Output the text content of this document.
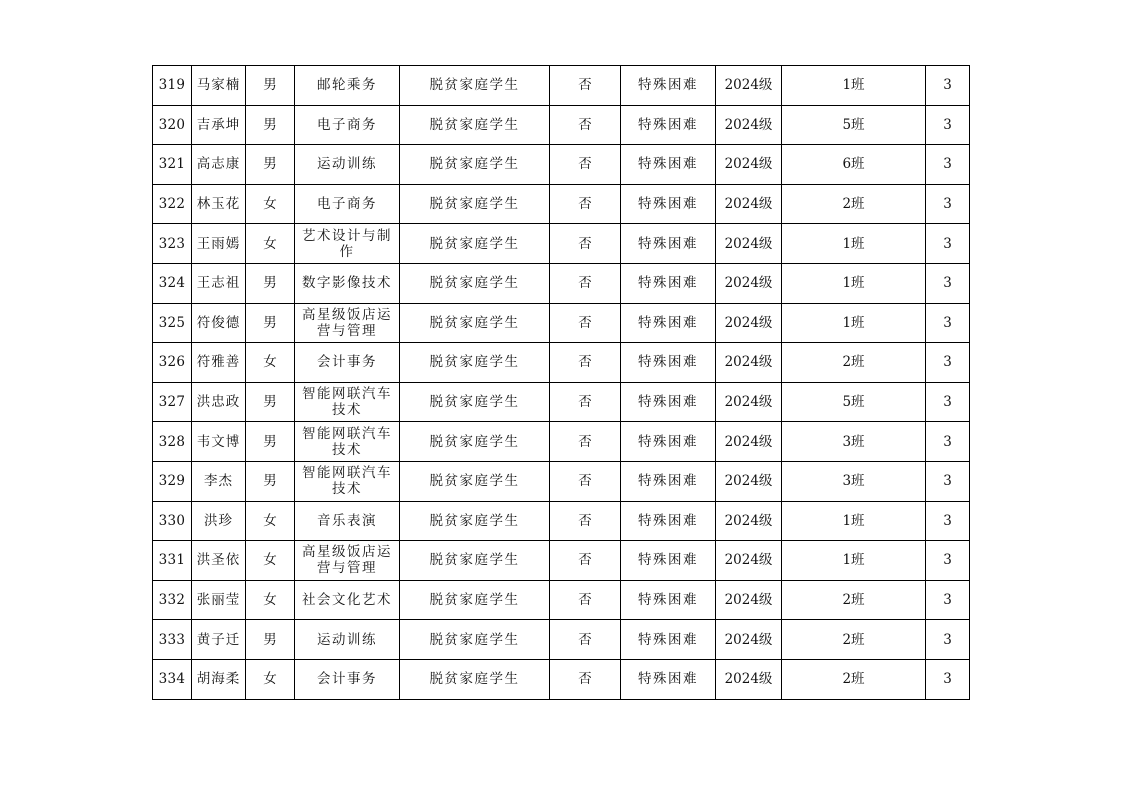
319	马家楠	男	邮轮乘务	脱贫家庭学生	否	特殊困难	2024级	1班	3
320	吉承坤	男	电子商务	脱贫家庭学生	否	特殊困难	2024级	5班	3
321	高志康	男	运动训练	脱贫家庭学生	否	特殊困难	2024级	6班	3
322	林玉花	女	电子商务	脱贫家庭学生	否	特殊困难	2024级	2班	3
323	王雨嫣	女	艺术设计与制作	脱贫家庭学生	否	特殊困难	2024级	1班	3
324	王志祖	男	数字影像技术	脱贫家庭学生	否	特殊困难	2024级	1班	3
325	符俊德	男	高星级饭店运营与管理	脱贫家庭学生	否	特殊困难	2024级	1班	3
326	符雅善	女	会计事务	脱贫家庭学生	否	特殊困难	2024级	2班	3
327	洪忠政	男	智能网联汽车技术	脱贫家庭学生	否	特殊困难	2024级	5班	3
328	韦文博	男	智能网联汽车技术	脱贫家庭学生	否	特殊困难	2024级	3班	3
329	李杰	男	智能网联汽车技术	脱贫家庭学生	否	特殊困难	2024级	3班	3
330	洪珍	女	音乐表演	脱贫家庭学生	否	特殊困难	2024级	1班	3
331	洪圣依	女	高星级饭店运营与管理	脱贫家庭学生	否	特殊困难	2024级	1班	3
332	张丽莹	女	社会文化艺术	脱贫家庭学生	否	特殊困难	2024级	2班	3
333	黄子迁	男	运动训练	脱贫家庭学生	否	特殊困难	2024级	2班	3
334	胡海柔	女	会计事务	脱贫家庭学生	否	特殊困难	2024级	2班	3
